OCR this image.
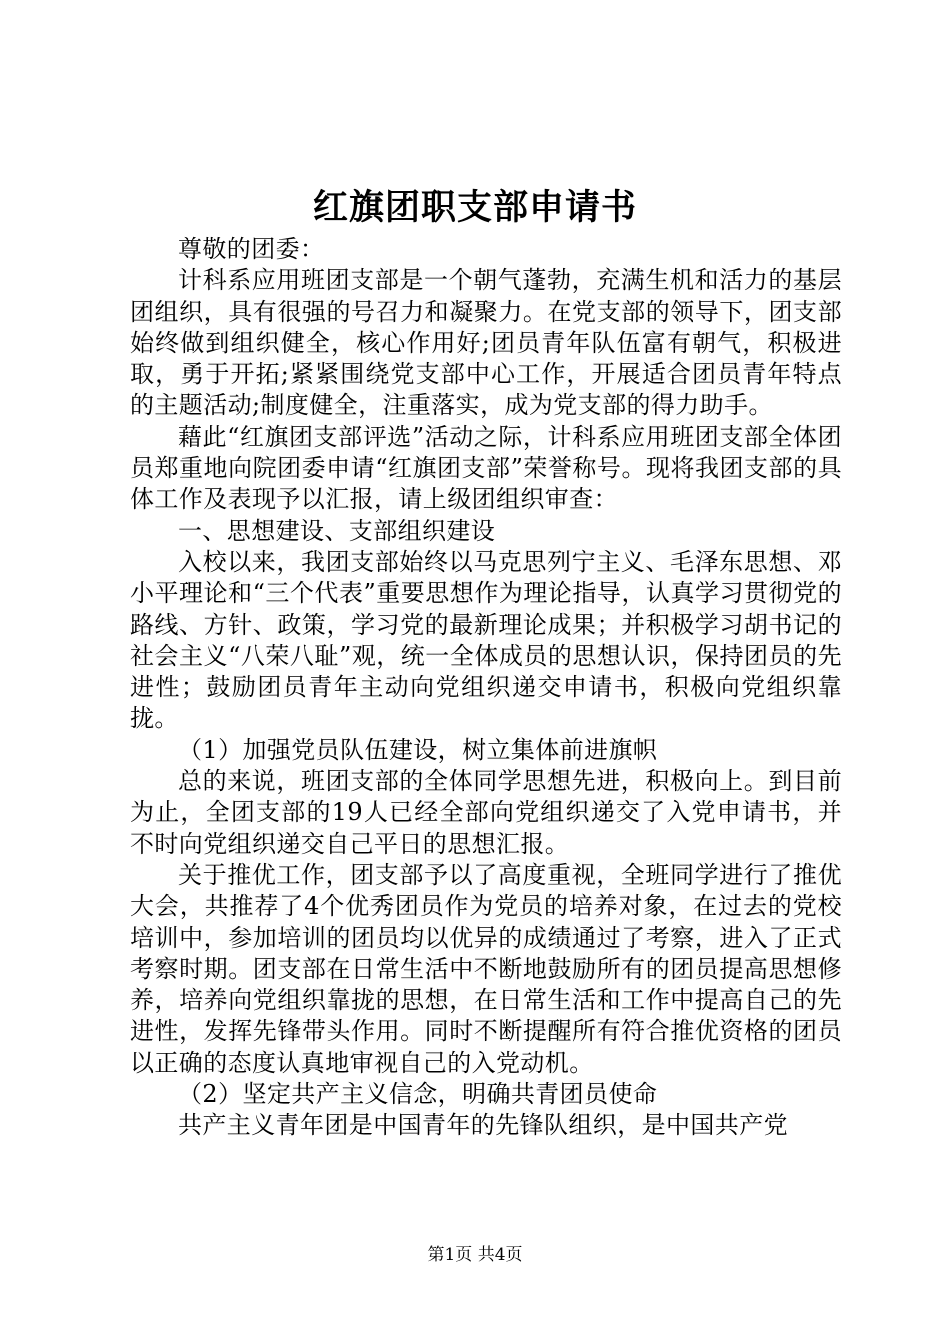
红旗团职支部申请书

尊敬的团委：

计科系应用班团支部是一个朝气蓬勃，充满生机和活力的基层团组织，具有很强的号召力和凝聚力。在党支部的领导下，团支部始终做到组织健全，核心作用好;团员青年队伍富有朝气，积极进取，勇于开拓;紧紧围绕党支部中心工作，开展适合团员青年特点的主题活动;制度健全，注重落实，成为党支部的得力助手。

藉此“红旗团支部评选”活动之际，计科系应用班团支部全体团员郑重地向院团委申请“红旗团支部”荣誉称号。现将我团支部的具体工作及表现予以汇报，请上级团组织审查：

一、思想建设、支部组织建设

入校以来，我团支部始终以马克思列宁主义、毛泽东思想、邓小平理论和“三个代表”重要思想作为理论指导，认真学习贯彻党的路线、方针、政策，学习党的最新理论成果；并积极学习胡书记的社会主义“八荣八耻”观，统一全体成员的思想认识，保持团员的先进性；鼓励团员青年主动向党组织递交申请书，积极向党组织靠拢。

（1）加强党员队伍建设，树立集体前进旗帜

总的来说，班团支部的全体同学思想先进，积极向上。到目前为止，全团支部的19人已经全部向党组织递交了入党申请书，并不时向党组织递交自己平日的思想汇报。

关于推优工作，团支部予以了高度重视，全班同学进行了推优大会，共推荐了4个优秀团员作为党员的培养对象，在过去的党校培训中，参加培训的团员均以优异的成绩通过了考察，进入了正式考察时期。团支部在日常生活中不断地鼓励所有的团员提高思想修养，培养向党组织靠拢的思想，在日常生活和工作中提高自己的先进性，发挥先锋带头作用。同时不断提醒所有符合推优资格的团员以正确的态度认真地审视自己的入党动机。

（2）坚定共产主义信念，明确共青团员使命

共产主义青年团是中国青年的先锋队组织，是中国共产党

第1页 共4页
